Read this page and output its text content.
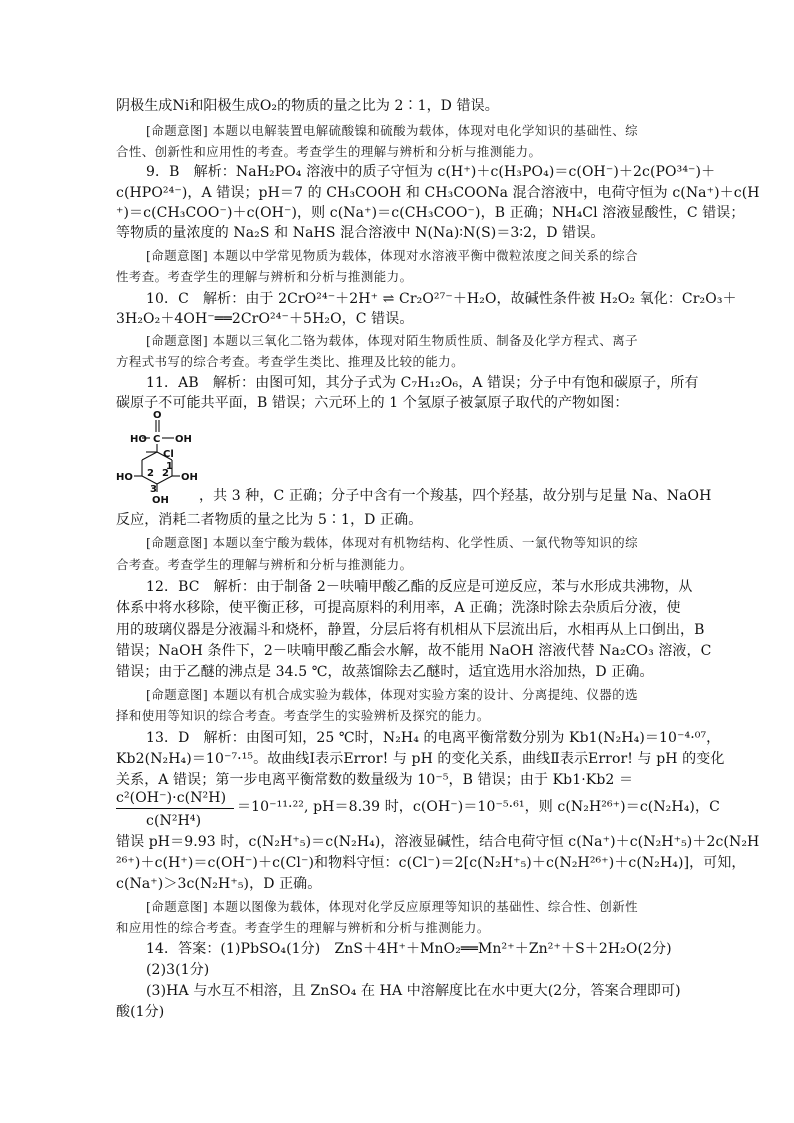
阴极生成Ni和阳极生成O₂的物质的量之比为 2∶1，D 错误。
[命题意图] 本题以电解装置电解硫酸镍和硫酸为载体，体现对电化学知识的基础性、综
合性、创新性和应用性的考查。考查学生的理解与辨析和分析与推测能力。
9．B　解析：NaH₂PO₄ 溶液中的质子守恒为 c(H⁺)＋c(H₃PO₄)＝c(OH⁻)＋2c(PO³⁴⁻)＋
c(HPO²⁴⁻)，A 错误；pH＝7 的 CH₃COOH 和 CH₃COONa 混合溶液中，电荷守恒为 c(Na⁺)＋c(H
⁺)＝c(CH₃COO⁻)＋c(OH⁻)，则 c(Na⁺)＝c(CH₃COO⁻)，B 正确；NH₄Cl 溶液显酸性，C 错误；
等物质的量浓度的 Na₂S 和 NaHS 混合溶液中 N(Na)∶N(S)＝3∶2，D 错误。
[命题意图] 本题以中学常见物质为载体，体现对水溶液平衡中微粒浓度之间关系的综合
性考查。考查学生的理解与辨析和分析与推测能力。
10．C　解析：由于 2CrO²⁴⁻＋2H⁺ ⇌ Cr₂O²⁷⁻＋H₂O，故碱性条件被 H₂O₂ 氧化：Cr₂O₃＋
3H₂O₂＋4OH⁻══2CrO²⁴⁻＋5H₂O，C 错误。
[命题意图] 本题以三氧化二铬为载体，体现对陌生物质性质、制备及化学方程式、离子
方程式书写的综合考查。考查学生类比、推理及比较的能力。
11．AB　解析：由图可知，其分子式为 C₇H₁₂O₆，A 错误；分子中有饱和碳原子，所有
碳原子不可能共平面，B 错误；六元环上的 1 个氢原子被氯原子取代的产物如图：
O
C OH
HO
Cl
1
HO 2 2 OH
3
OH ，共 3 种，C 正确；分子中含有一个羧基，四个羟基，故分别与足量 Na、NaOH
反应，消耗二者物质的量之比为 5∶1，D 正确。
[命题意图] 本题以奎宁酸为载体，体现对有机物结构、化学性质、一氯代物等知识的综
合考查。考查学生的理解与辨析和分析与推测能力。
12．BC　解析：由于制备 2－呋喃甲酸乙酯的反应是可逆反应，苯与水形成共沸物，从
体系中将水移除，使平衡正移，可提高原料的利用率，A 正确；洗涤时除去杂质后分液，使
用的玻璃仪器是分液漏斗和烧杯，静置，分层后将有机相从下层流出后，水相再从上口倒出，B
错误；NaOH 条件下，2－呋喃甲酸乙酯会水解，故不能用 NaOH 溶液代替 Na₂CO₃ 溶液，C
错误；由于乙醚的沸点是 34.5 ℃，故蒸馏除去乙醚时，适宜选用水浴加热，D 正确。
[命题意图] 本题以有机合成实验为载体，体现对实验方案的设计、分离提纯、仪器的选
择和使用等知识的综合考查。考查学生的实验辨析及探究的能力。
13．D　解析：由图可知，25 ℃时，N₂H₄ 的电离平衡常数分别为 Kb1(N₂H₄)＝10⁻⁴·⁰⁷，
Kb2(N₂H₄)＝10⁻⁷·¹⁵。故曲线Ⅰ表示Error! 与 pH 的变化关系，曲线Ⅱ表示Error! 与 pH 的变化
关系，A 错误；第一步电离平衡常数的数量级为 10⁻⁵，B 错误；由于 Kb1·Kb2 ＝
c²(OH⁻)·c(N²H)
＝10⁻¹¹·²², pH＝8.39 时，c(OH⁻)＝10⁻⁵·⁶¹，则 c(N₂H²⁶⁺)＝c(N₂H₄)，C
c(N²H⁴)
错误 pH＝9.93 时，c(N₂H⁺₅)＝c(N₂H₄)，溶液显碱性，结合电荷守恒 c(Na⁺)＋c(N₂H⁺₅)＋2c(N₂H
²⁶⁺)＋c(H⁺)＝c(OH⁻)＋c(Cl⁻)和物料守恒：c(Cl⁻)＝2[c(N₂H⁺₅)＋c(N₂H²⁶⁺)＋c(N₂H₄)]，可知，
c(Na⁺)＞3c(N₂H⁺₅)，D 正确。
[命题意图] 本题以图像为载体，体现对化学反应原理等知识的基础性、综合性、创新性
和应用性的综合考查。考查学生的理解与辨析和分析与推测能力。
14．答案：(1)PbSO₄(1分)　ZnS＋4H⁺＋MnO₂══Mn²⁺＋Zn²⁺＋S＋2H₂O(2分)
(2)3(1分)
(3)HA 与水互不相溶，且 ZnSO₄ 在 HA 中溶解度比在水中更大(2分，答案合理即可)
酸(1分)
